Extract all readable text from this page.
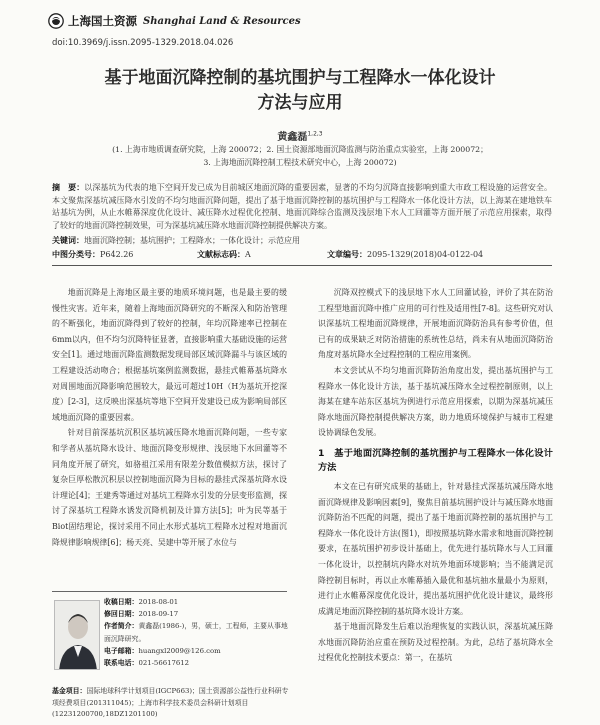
上海国土资源 Shanghai Land & Resources
doi:10.3969/j.issn.2095-1329.2018.04.026
基于地面沉降控制的基坑围护与工程降水一体化设计
方法与应用
黄鑫磊$^{1,2,3}$
(1. 上海市地质调查研究院，上海 200072；2. 国土资源部地面沉降监测与防治重点实验室，上海 200072；
3. 上海地面沉降控制工程技术研究中心，上海 200072)
摘　要：以深基坑为代表的地下空间开发已成为目前城区地面沉降的重要因素，显著的不均匀沉降直接影响到重大市政工程设施的运营安全。本文聚焦深基坑减压降水引发的不均匀地面沉降问题，提出了基于地面沉降控制的基坑围护与工程降水一体化设计方法，以上海某在建地铁车站基坑为例，从止水帷幕深度优化设计、减压降水过程优化控制、地面沉降综合监测及浅层地下水人工回灌等方面开展了示范应用探索，取得了较好的地面沉降控制效果，可为深基坑减压降水地面沉降控制提供解决方案。
关键词：地面沉降控制；基坑围护；工程降水；一体化设计；示范应用
中图分类号：P642.26	文献标志码：A	文章编号：2095-1329(2018)04-0122-04

地面沉降是上海地区最主要的地质环境问题，也是最主要的缓慢性灾害。近年来，随着上海地面沉降研究的不断深入和防治管理的不断强化，地面沉降得到了较好的控制，年均沉降速率已控制在6mm以内，但不均匀沉降特征显著，直接影响重大基础设施的运营安全[1]。通过地面沉降监测数据发现局部区域沉降漏斗与该区域的工程建设活动吻合；根据基坑案例监测数据，悬挂式帷幕基坑降水对周围地面沉降影响范围较大，最远可超过10H（H为基坑开挖深度）[2-3]，这反映出深基坑等地下空间开发建设已成为影响局部区域地面沉降的重要因素。

针对目前深基坑沉积区基坑减压降水地面沉降问题，一些专家和学者从基坑降水设计、地面沉降变形规律、浅层地下水回灌等不同角度开展了研究，如骆祖江采用有限差分数值模拟方法，探讨了复杂巨厚松散沉积层以控制地面沉降为目标的悬挂式深基坑降水设计理论[4]；王建秀等通过对基坑工程降水引发的分层变形监测，探讨了深基坑工程降水诱发沉降机制及计算方法[5]；叶为民等基于Biot固结理论，探讨采用不同止水形式基坑工程降水过程对地面沉降规律影响规律[6]；杨天亮、吴建中等开展了水位与

沉降双控模式下的浅层地下水人工回灌试验，评价了其在防治工程型地面沉降中推广应用的可行性及适用性[7-8]。这些研究对认识深基坑工程地面沉降规律，开展地面沉降防治具有参考价值，但已有的成果缺乏对防治措施的系统性总结，尚未有从地面沉降防治角度对基坑降水全过程控制的工程应用案例。

本文尝试从不均匀地面沉降防治角度出发，提出基坑围护与工程降水一体化设计方法，基于基坑减压降水全过程控制原则，以上海某在建车站东区基坑为例进行示范应用探索，以期为深基坑减压降水地面沉降控制提供解决方案，助力地质环境保护与城市工程建设协调绿色发展。

1　基于地面沉降控制的基坑围护与工程降水一体化设计方法

本文在已有研究成果的基础上，针对悬挂式深基坑减压降水地面沉降规律及影响因素[9]，聚焦目前基坑围护设计与减压降水地面沉降防治不匹配的问题，提出了基于地面沉降控制的基坑围护与工程降水一体化设计方法(图1)，即按照基坑降水需求和地面沉降控制要求，在基坑围护初步设计基础上，优先进行基坑降水与人工回灌一体化设计，以控制坑内降水对坑外地面环境影响；当不能满足沉降控制目标时，再以止水帷幕插入最优和基坑抽水量最小为原则，进行止水帷幕深度优化设计，提出基坑围护优化设计建议，最终形成满足地面沉降控制的基坑降水设计方案。

基于地面沉降发生后难以治理恢复的实践认识，深基坑减压降水地面沉降防治应重在预防及过程控制。为此，总结了基坑降水全过程优化控制技术要点：第一，在基坑

收稿日期：2018-08-01
修回日期：2018-09-17
作者简介：黄鑫磊(1986-)，男，硕士，工程师，主要从事地面沉降研究。
电子邮箱：huangxl2009@126.com
联系电话：021-56617612
基金项目：国际地球科学计划项目(IGCP663)；国土资源部公益性行业科研专项经费项目(201311045)；上海市科学技术委员会科研计划项目(12231200700,18DZ1201100)
